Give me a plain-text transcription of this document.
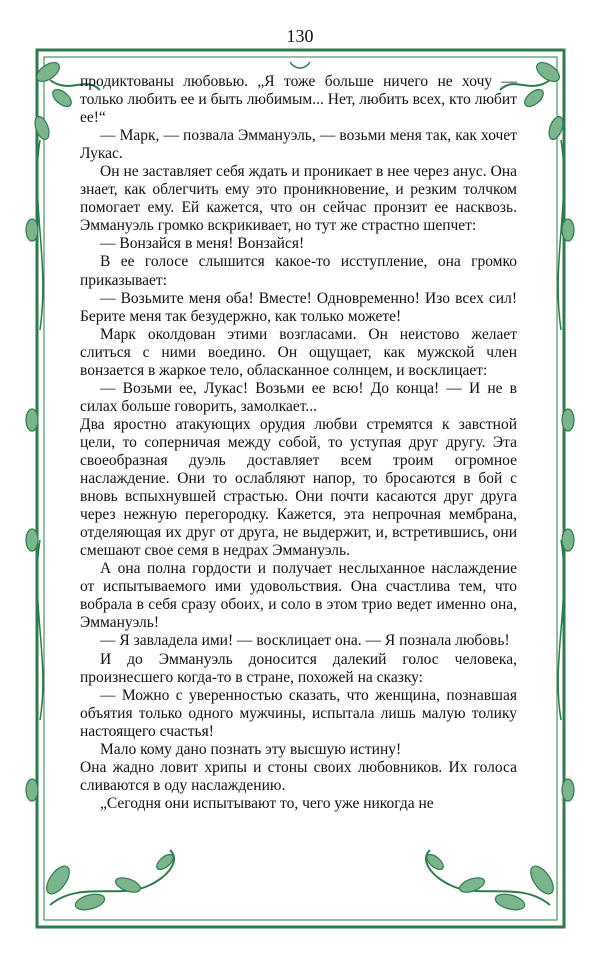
130

продиктованы любовью. „Я тоже больше ничего не хочу — только любить ее и быть любимым... Нет, любить всех, кто любит ее!“

— Марк, — позвала Эммануэль, — возьми меня так, как хочет Лукас.

Он не заставляет себя ждать и проникает в нее через анус. Она знает, как облегчить ему это проникновение, и резким толчком помогает ему. Ей кажется, что он сейчас пронзит ее насквозь. Эммануэль громко вскрикивает, но тут же страстно шепчет:

— Вонзайся в меня! Вонзайся!

В ее голосе слышится какое-то исступление, она громко приказывает:

— Возьмите меня оба! Вместе! Одновременно! Изо всех сил! Берите меня так безудержно, как только можете!

Марк околдован этими возгласами. Он неистово желает слиться с ними воедино. Он ощущает, как мужской член вонзается в жаркое тело, обласканное солнцем, и восклицает:

— Возьми ее, Лукас! Возьми ее всю! До конца! — И не в силах больше говорить, замолкает...

Два яростно атакующих орудия любви стремятся к завстной цели, то соперничая между собой, то уступая друг другу. Эта своеобразная дуэль доставляет всем троим огромное наслаждение. Они то ослабляют напор, то бросаются в бой с вновь вспыхнувшей страстью. Они почти касаются друг друга через нежную перегородку. Кажется, эта непрочная мембрана, отделяющая их друг от друга, не выдержит, и, встретившись, они смешают свое семя в недрах Эммануэль.

А она полна гордости и получает неслыханное наслаждение от испытываемого ими удовольствия. Она счастлива тем, что вобрала в себя сразу обоих, и соло в этом трио ведет именно она, Эммануэль!

— Я завладела ими! — восклицает она. — Я познала любовь!

И до Эммануэль доносится далекий голос человека, произнесшего когда-то в стране, похожей на сказку:

— Можно с уверенностью сказать, что женщина, познавшая объятия только одного мужчины, испытала лишь малую толику настоящего счастья!

Мало кому дано познать эту высшую истину!

Она жадно ловит хрипы и стоны своих любовников. Их голоса сливаются в оду наслаждению.

„Сегодня они испытывают то, чего уже никогда не
